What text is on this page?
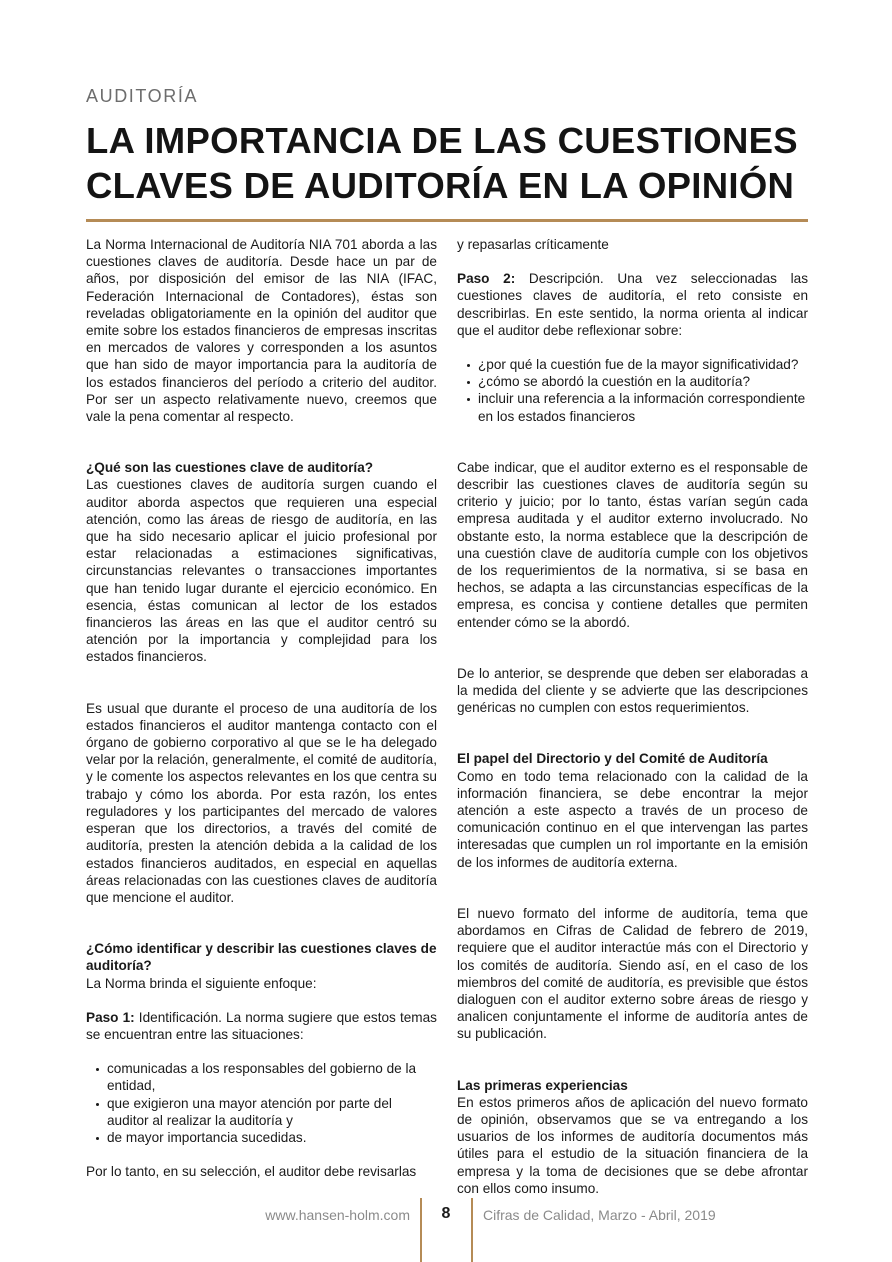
AUDITORÍA
LA IMPORTANCIA DE LAS CUESTIONES
CLAVES DE AUDITORÍA EN LA OPINIÓN

La Norma Internacional de Auditoría NIA 701 aborda a las cuestiones claves de auditoría. Desde hace un par de años, por disposición del emisor de las NIA (IFAC, Federación Internacional de Contadores), éstas son reveladas obligatoriamente en la opinión del auditor que emite sobre los estados financieros de empresas inscritas en mercados de valores y corresponden a los asuntos que han sido de mayor importancia para la auditoría de los estados financieros del período a criterio del auditor. Por ser un aspecto relativamente nuevo, creemos que vale la pena comentar al respecto.

¿Qué son las cuestiones clave de auditoría?

Las cuestiones claves de auditoría surgen cuando el auditor aborda aspectos que requieren una especial atención, como las áreas de riesgo de auditoría, en las que ha sido necesario aplicar el juicio profesional por estar relacionadas a estimaciones significativas, circunstancias relevantes o transacciones importantes que han tenido lugar durante el ejercicio económico. En esencia, éstas comunican al lector de los estados financieros las áreas en las que el auditor centró su atención por la importancia y complejidad para los estados financieros.

Es usual que durante el proceso de una auditoría de los estados financieros el auditor mantenga contacto con el órgano de gobierno corporativo al que se le ha delegado velar por la relación, generalmente, el comité de auditoría, y le comente los aspectos relevantes en los que centra su trabajo y cómo los aborda. Por esta razón, los entes reguladores y los participantes del mercado de valores esperan que los directorios, a través del comité de auditoría, presten la atención debida a la calidad de los estados financieros auditados, en especial en aquellas áreas relacionadas con las cuestiones claves de auditoría que mencione el auditor.

¿Cómo identificar y describir las cuestiones claves de auditoría?

La Norma brinda el siguiente enfoque:

Paso 1: Identificación. La norma sugiere que estos temas se encuentran entre las situaciones:

comunicadas a los responsables del gobierno de la entidad,
que exigieron una mayor atención por parte del auditor al realizar la auditoría y
de mayor importancia sucedidas.

Por lo tanto, en su selección, el auditor debe revisarlas

y repasarlas críticamente

Paso 2: Descripción. Una vez seleccionadas las cuestiones claves de auditoría, el reto consiste en describirlas. En este sentido, la norma orienta al indicar que el auditor debe reflexionar sobre:

¿por qué la cuestión fue de la mayor significatividad?
¿cómo se abordó la cuestión en la auditoría?
incluir una referencia a la información correspondiente en los estados financieros

Cabe indicar, que el auditor externo es el responsable de describir las cuestiones claves de auditoría según su criterio y juicio; por lo tanto, éstas varían según cada empresa auditada y el auditor externo involucrado. No obstante esto, la norma establece que la descripción de una cuestión clave de auditoría cumple con los objetivos de los requerimientos de la normativa, si se basa en hechos, se adapta a las circunstancias específicas de la empresa, es concisa y contiene detalles que permiten entender cómo se la abordó.

De lo anterior, se desprende que deben ser elaboradas a la medida del cliente y se advierte que las descripciones genéricas no cumplen con estos requerimientos.

El papel del Directorio y del Comité de Auditoría

Como en todo tema relacionado con la calidad de la información financiera, se debe encontrar la mejor atención a este aspecto a través de un proceso de comunicación continuo en el que intervengan las partes interesadas que cumplen un rol importante en la emisión de los informes de auditoría externa.

El nuevo formato del informe de auditoría, tema que abordamos en Cifras de Calidad de febrero de 2019, requiere que el auditor interactúe más con el Directorio y los comités de auditoría. Siendo así, en el caso de los miembros del comité de auditoría, es previsible que éstos dialoguen con el auditor externo sobre áreas de riesgo y analicen conjuntamente el informe de auditoría antes de su publicación.

Las primeras experiencias

En estos primeros años de aplicación del nuevo formato de opinión, observamos que se va entregando a los usuarios de los informes de auditoría documentos más útiles para el estudio de la situación financiera de la empresa y la toma de decisiones que se debe afrontar con ellos como insumo.

www.hansen-holm.com	8	Cifras de Calidad, Marzo - Abril, 2019
